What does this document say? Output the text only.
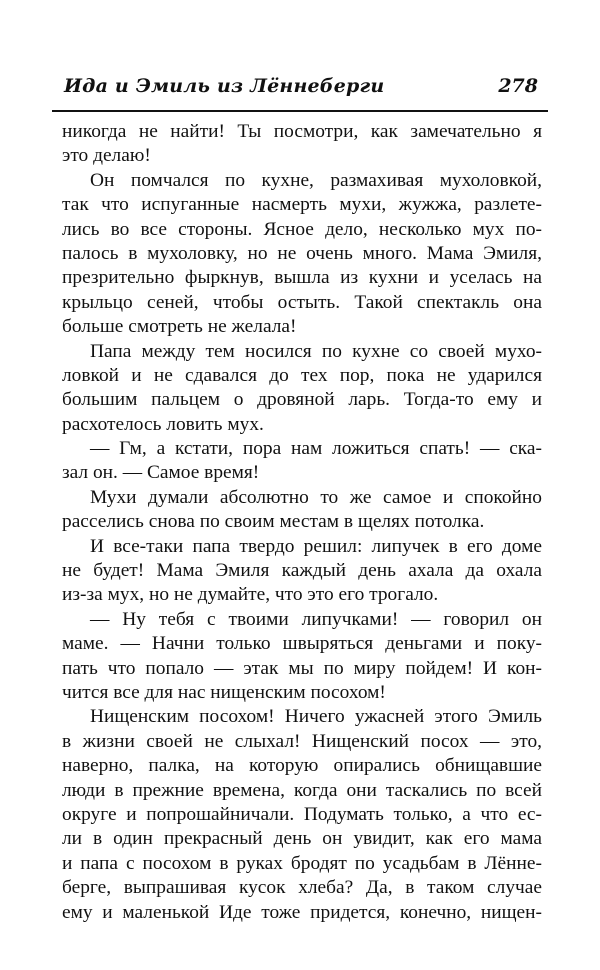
Ида и Эмиль из Лённеберги	278
никогда не найти! Ты посмотри, как замечательно я
это делаю!
Он помчался по кухне, размахивая мухоловкой,
так что испуганные насмерть мухи, жужжа, разлете-
лись во все стороны. Ясное дело, несколько мух по-
палось в мухоловку, но не очень много. Мама Эмиля,
презрительно фыркнув, вышла из кухни и уселась на
крыльцо сеней, чтобы остыть. Такой спектакль она
больше смотреть не желала!
Папа между тем носился по кухне со своей мухо-
ловкой и не сдавался до тех пор, пока не ударился
большим пальцем о дровяной ларь. Тогда-то ему и
расхотелось ловить мух.
— Гм, а кстати, пора нам ложиться спать! — ска-
зал он. — Самое время!
Мухи думали абсолютно то же самое и спокойно
расселись снова по своим местам в щелях потолка.
И все-таки папа твердо решил: липучек в его доме
не будет! Мама Эмиля каждый день ахала да охала
из-за мух, но не думайте, что это его трогало.
— Ну тебя с твоими липучками! — говорил он
маме. — Начни только швыряться деньгами и поку-
пать что попало — этак мы по миру пойдем! И кон-
чится все для нас нищенским посохом!
Нищенским посохом! Ничего ужасней этого Эмиль
в жизни своей не слыхал! Нищенский посох — это,
наверно, палка, на которую опирались обнищавшие
люди в прежние времена, когда они таскались по всей
округе и попрошайничали. Подумать только, а что ес-
ли в один прекрасный день он увидит, как его мама
и папа с посохом в руках бродят по усадьбам в Лённе-
берге, выпрашивая кусок хлеба? Да, в таком случае
ему и маленькой Иде тоже придется, конечно, нищен-
